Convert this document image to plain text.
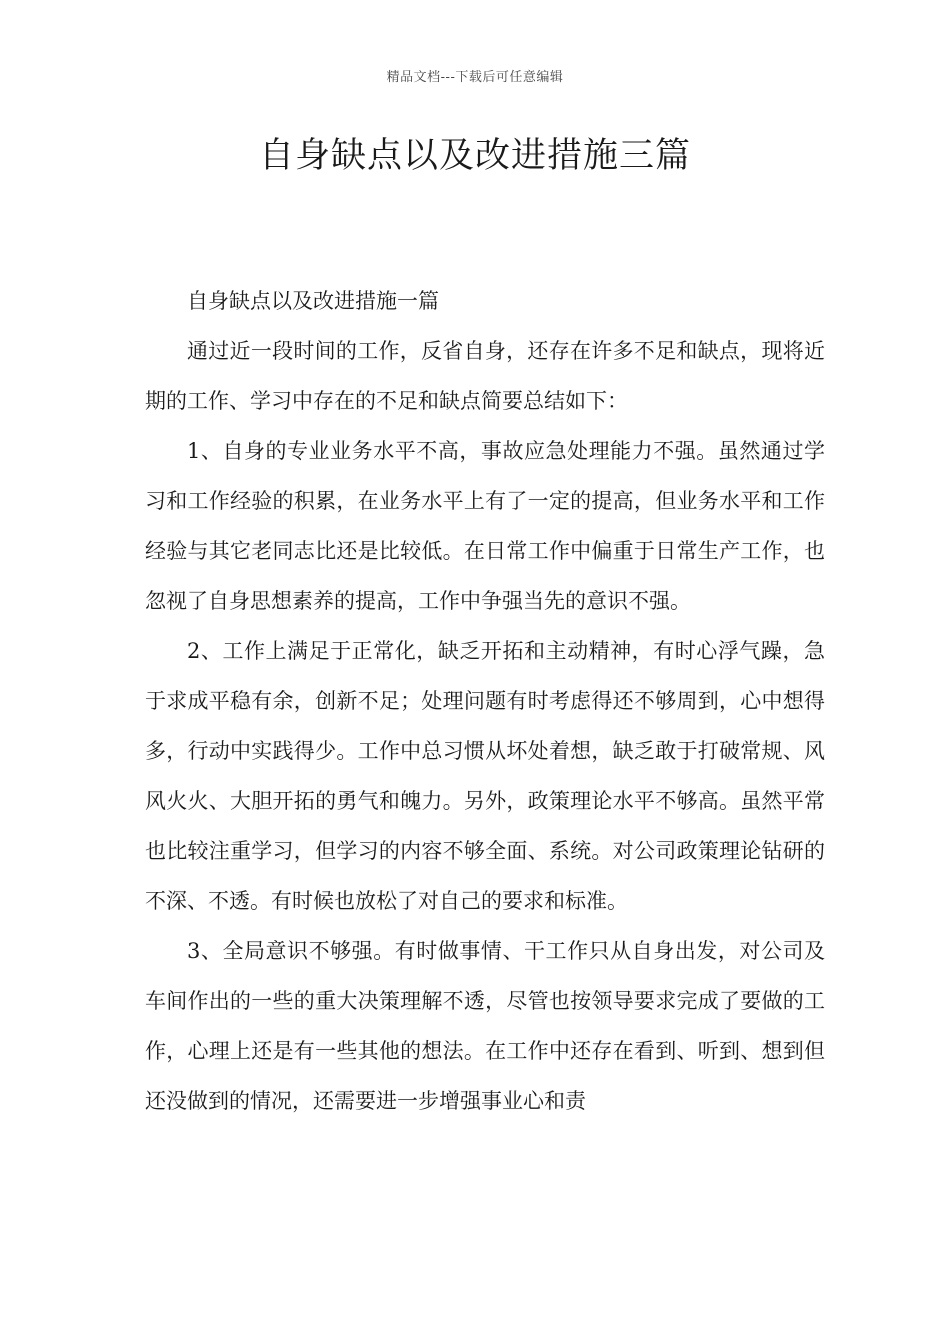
精品文档---下载后可任意编辑
自身缺点以及改进措施三篇

自身缺点以及改进措施一篇

通过近一段时间的工作，反省自身，还存在许多不足和缺点，现将近期的工作、学习中存在的不足和缺点简要总结如下：

1、自身的专业业务水平不高，事故应急处理能力不强。虽然通过学习和工作经验的积累，在业务水平上有了一定的提高，但业务水平和工作经验与其它老同志比还是比较低。在日常工作中偏重于日常生产工作，也忽视了自身思想素养的提高，工作中争强当先的意识不强。

2、工作上满足于正常化，缺乏开拓和主动精神，有时心浮气躁，急于求成平稳有余，创新不足；处理问题有时考虑得还不够周到，心中想得多，行动中实践得少。工作中总习惯从坏处着想，缺乏敢于打破常规、风风火火、大胆开拓的勇气和魄力。另外，政策理论水平不够高。虽然平常也比较注重学习，但学习的内容不够全面、系统。对公司政策理论钻研的不深、不透。有时候也放松了对自己的要求和标准。

3、全局意识不够强。有时做事情、干工作只从自身出发，对公司及车间作出的一些的重大决策理解不透，尽管也按领导要求完成了要做的工作，心理上还是有一些其他的想法。在工作中还存在看到、听到、想到但还没做到的情况，还需要进一步增强事业心和责
